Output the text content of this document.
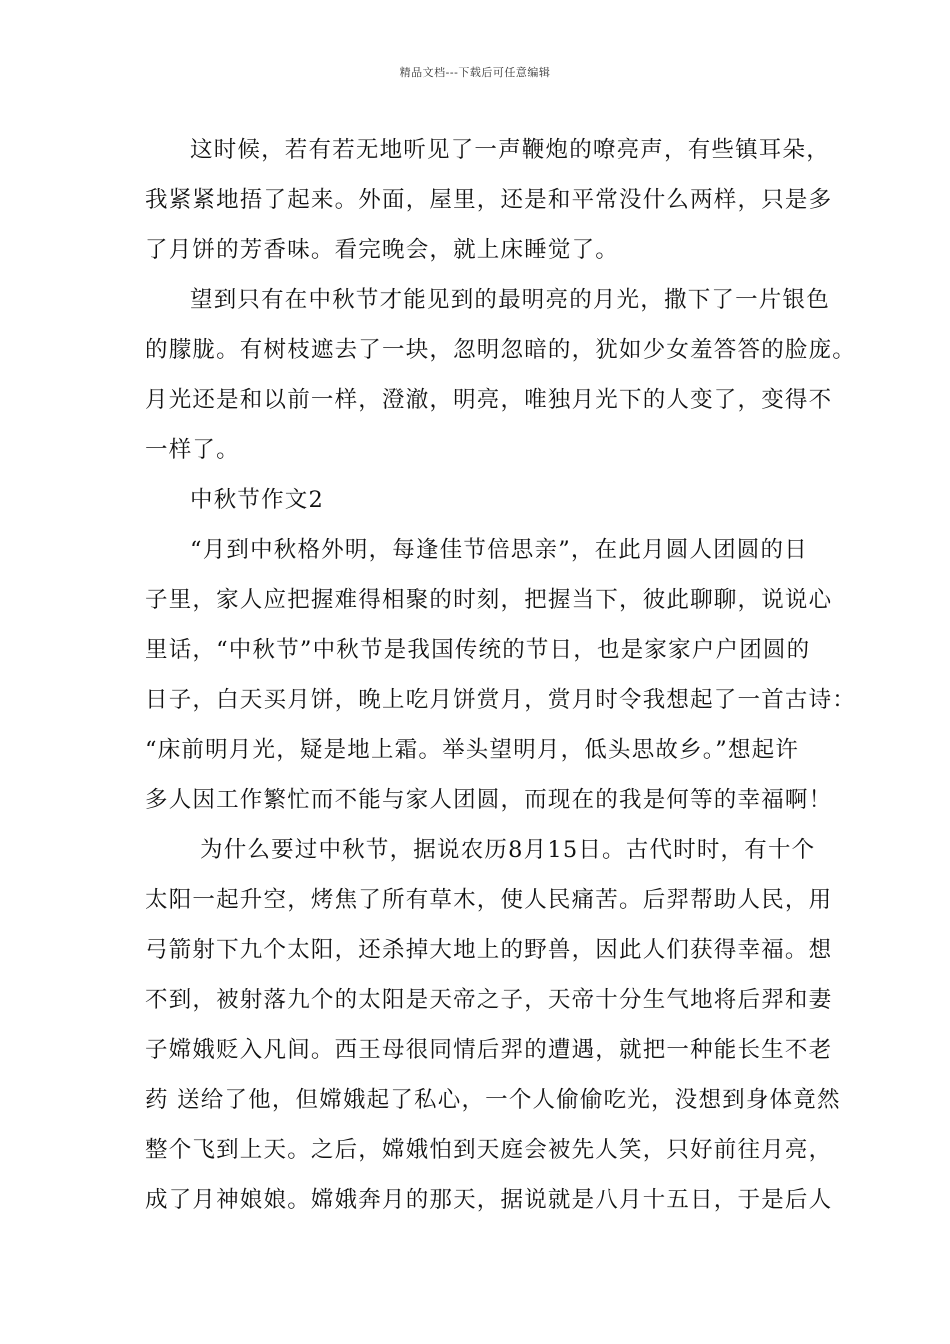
精品文档---下载后可任意编辑
这时候，若有若无地听见了一声鞭炮的嘹亮声，有些镇耳朵，
我紧紧地捂了起来。外面，屋里，还是和平常没什么两样，只是多
了月饼的芳香味。看完晚会，就上床睡觉了。
望到只有在中秋节才能见到的最明亮的月光，撒下了一片银色
的朦胧。有树枝遮去了一块，忽明忽暗的，犹如少女羞答答的脸庞。
月光还是和以前一样，澄澈，明亮，唯独月光下的人变了，变得不
一样了。
中秋节作文2
“月到中秋格外明，每逢佳节倍思亲”，在此月圆人团圆的日
子里，家人应把握难得相聚的时刻，把握当下，彼此聊聊，说说心
里话，“中秋节”中秋节是我国传统的节日，也是家家户户团圆的
日子，白天买月饼，晚上吃月饼赏月，赏月时令我想起了一首古诗：
“床前明月光，疑是地上霜。举头望明月，低头思故乡。”想起许
多人因工作繁忙而不能与家人团圆，而现在的我是何等的幸福啊！
为什么要过中秋节，据说农历8月15日。古代时时，有十个
太阳一起升空，烤焦了所有草木，使人民痛苦。后羿帮助人民，用
弓箭射下九个太阳，还杀掉大地上的野兽，因此人们获得幸福。想
不到，被射落九个的太阳是天帝之子，天帝十分生气地将后羿和妻
子嫦娥贬入凡间。西王母很同情后羿的遭遇，就把一种能长生不老
药 送给了他，但嫦娥起了私心，一个人偷偷吃光，没想到身体竟然
整个飞到上天。之后，嫦娥怕到天庭会被先人笑，只好前往月亮，
成了月神娘娘。嫦娥奔月的那天，据说就是八月十五日，于是后人
